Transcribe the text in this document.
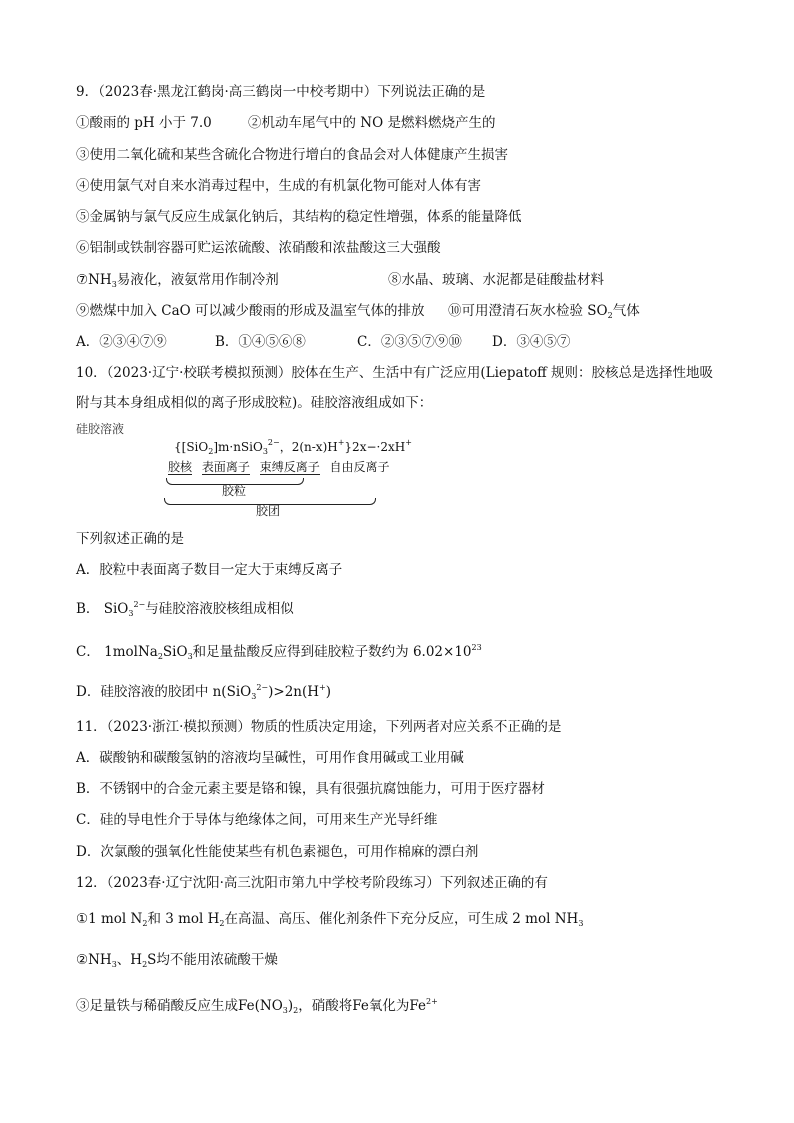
9．（2023春·黑龙江鹤岗·高三鹤岗一中校考期中）下列说法正确的是
①酸雨的 pH 小于 7.0	②机动车尾气中的 NO 是燃料燃烧产生的
③使用二氧化硫和某些含硫化合物进行增白的食品会对人体健康产生损害
④使用氯气对自来水消毒过程中，生成的有机氯化物可能对人体有害
⑤金属钠与氯气反应生成氯化钠后，其结构的稳定性增强，体系的能量降低
⑥铝制或铁制容器可贮运浓硫酸、浓硝酸和浓盐酸这三大强酸
$⑦NH_3$易液化，液氨常用作制冷剂	⑧水晶、玻璃、水泥都是硅酸盐材料
⑨燃煤中加入 CaO 可以减少酸雨的形成及温室气体的排放 ⑩可用澄清石灰水检验 $SO_2$气体
A．②③④⑦⑨	B．①④⑤⑥⑧	C．②③⑤⑦⑨⑩ D．③④⑤⑦
10．（2023·辽宁·校联考模拟预测）胶体在生产、生活中有广泛应用(Liepatoff 规则：胶核总是选择性地吸
附与其本身组成相似的离子形成胶粒)。硅胶溶液组成如下：
硅胶溶液
{[SiO$_2$]m·nSiO$_3^{2-}$，2(n-x)H+}2x−·2xH+
胶核 表面离子 束缚反离子 自由反离子
胶粒
胶团
下列叙述正确的是
A．胶粒中表面离子数目一定大于束缚反离子
B． SiO$_3^{2-}$与硅胶溶液胶核组成相似
C． 1molNa$_2$SiO$_3$和足量盐酸反应得到硅胶粒子数约为 $6.02\times 10^{23}$
D．硅胶溶液的胶团中 n(SiO$_3^{2-}$)>2n(H+)
11．（2023·浙江·模拟预测）物质的性质决定用途，下列两者对应关系不正确的是
A．碳酸钠和碳酸氢钠的溶液均呈碱性，可用作食用碱或工业用碱
B．不锈钢中的合金元素主要是铬和镍，具有很强抗腐蚀能力，可用于医疗器材
C．硅的导电性介于导体与绝缘体之间，可用来生产光导纤维
D．次氯酸的强氧化性能使某些有机色素褪色，可用作棉麻的漂白剂
12．（2023春·辽宁沈阳·高三沈阳市第九中学校考阶段练习）下列叙述正确的有
①1 mol $N_2$和 3 mol $H_2$在高温、高压、催化剂条件下充分反应，可生成 2 mol $NH_3$
$②NH_3$、$H_2S$均不能用浓硫酸干燥
③足量铁与稀硝酸反应生成$Fe(NO_3)_2$，硝酸将Fe氧化为$Fe^{2+}$
